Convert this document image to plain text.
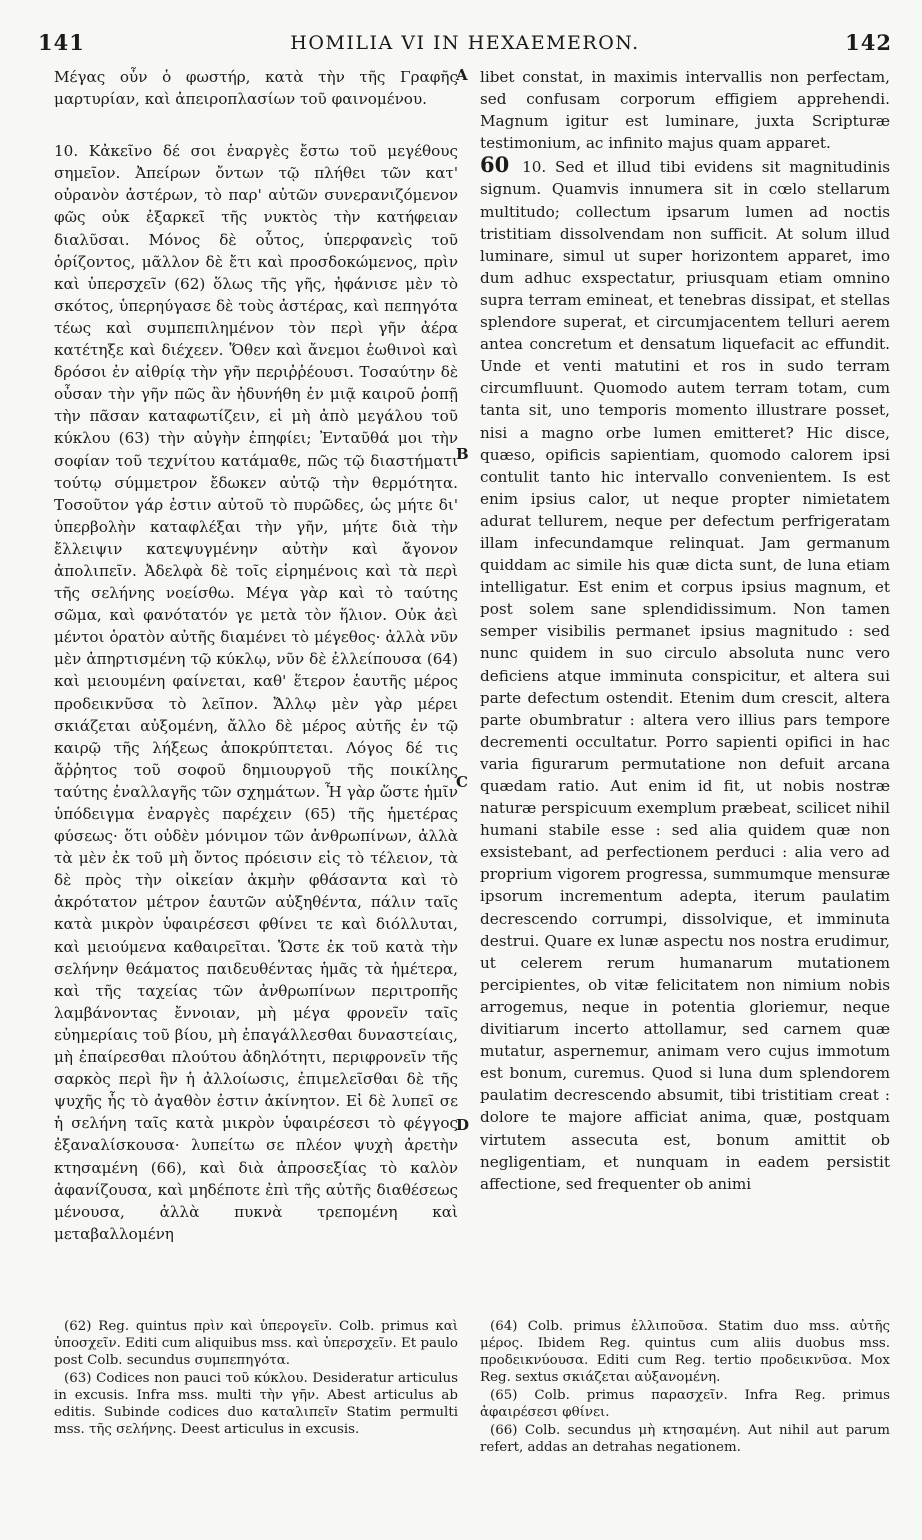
141	HOMILIA VI IN HEXAEMERON.	142

Μέγας οὖν ὁ φωστήρ, κατὰ τὴν τῆς Γραφῆς μαρτυρίαν, καὶ ἀπειροπλασίων τοῦ φαινομένου.

10. Κἀκεῖνο δέ σοι ἐναργὲς ἔστω τοῦ μεγέθους σημεῖον. Ἀπείρων ὄντων τῷ πλήθει τῶν κατ' οὐρανὸν ἀστέρων, τὸ παρ' αὐτῶν συνερανιζόμενον φῶς οὐκ ἐξαρκεῖ τῆς νυκτὸς τὴν κατήφειαν διαλῦσαι. Μόνος δὲ οὗτος, ὑπερφανεὶς τοῦ ὁρίζοντος, μᾶλλον δὲ ἔτι καὶ προσδοκώμενος, πρὶν καὶ ὑπερσχεῖν (62) ὅλως τῆς γῆς, ἠφάνισε μὲν τὸ σκότος, ὑπερηύγασε δὲ τοὺς ἀστέρας, καὶ πεπηγότα τέως καὶ συμπεπιλημένον τὸν περὶ γῆν ἀέρα κατέτηξε καὶ διέχεεν. Ὅθεν καὶ ἄνεμοι ἑωθινοὶ καὶ δρόσοι ἐν αἰθρίᾳ τὴν γῆν περιῤῥέουσι. Τοσαύτην δὲ οὖσαν τὴν γῆν πῶς ἂν ἠδυνήθη ἐν μιᾷ καιροῦ ῥοπῇ τὴν πᾶσαν καταφωτίζειν, εἰ μὴ ἀπὸ μεγάλου τοῦ κύκλου (63) τὴν αὐγὴν ἐπηφίει; Ἐνταῦθά μοι τὴν σοφίαν τοῦ τεχνίτου κατάμαθε, πῶς τῷ διαστήματι τούτῳ σύμμετρον ἔδωκεν αὐτῷ τὴν θερμότητα. Τοσοῦτον γάρ ἐστιν αὐτοῦ τὸ πυρῶδες, ὡς μήτε δι' ὑπερβολὴν καταφλέξαι τὴν γῆν, μήτε διὰ τὴν ἔλλειψιν κατεψυγμένην αὐτὴν καὶ ἄγονον ἀπολιπεῖν. Ἀδελφὰ δὲ τοῖς εἰρημένοις καὶ τὰ περὶ τῆς σελήνης νοείσθω. Μέγα γὰρ καὶ τὸ ταύτης σῶμα, καὶ φανότατόν γε μετὰ τὸν ἥλιον. Οὐκ ἀεὶ μέντοι ὁρατὸν αὐτῆς διαμένει τὸ μέγεθος· ἀλλὰ νῦν μὲν ἀπηρτισμένη τῷ κύκλῳ, νῦν δὲ ἐλλείπουσα (64) καὶ μειουμένη φαίνεται, καθ' ἕτερον ἑαυτῆς μέρος προδεικνῦσα τὸ λεῖπον. Ἄλλῳ μὲν γὰρ μέρει σκιάζεται αὐξομένη, ἄλλο δὲ μέρος αὐτῆς ἐν τῷ καιρῷ τῆς λήξεως ἀποκρύπτεται. Λόγος δέ τις ἄῤῥητος τοῦ σοφοῦ δημιουργοῦ τῆς ποικίλης ταύτης ἐναλλαγῆς τῶν σχημάτων. Ἦ γὰρ ὥστε ἡμῖν ὑπόδειγμα ἐναργὲς παρέχειν (65) τῆς ἡμετέρας φύσεως· ὅτι οὐδὲν μόνιμον τῶν ἀνθρωπίνων, ἀλλὰ τὰ μὲν ἐκ τοῦ μὴ ὄντος πρόεισιν εἰς τὸ τέλειον, τὰ δὲ πρὸς τὴν οἰκείαν ἀκμὴν φθάσαντα καὶ τὸ ἀκρότατον μέτρον ἑαυτῶν αὐξηθέντα, πάλιν ταῖς κατὰ μικρὸν ὑφαιρέσεσι φθίνει τε καὶ διόλλυται, καὶ μειούμενα καθαιρεῖται. Ὥστε ἐκ τοῦ κατὰ τὴν σελήνην θεάματος παιδευθέντας ἡμᾶς τὰ ἡμέτερα, καὶ τῆς ταχείας τῶν ἀνθρωπίνων περιτροπῆς λαμβάνοντας ἔννοιαν, μὴ μέγα φρονεῖν ταῖς εὐημερίαις τοῦ βίου, μὴ ἐπαγάλλεσθαι δυναστείαις, μὴ ἐπαίρεσθαι πλούτου ἀδηλότητι, περιφρονεῖν τῆς σαρκὸς περὶ ἣν ἡ ἀλλοίωσις, ἐπιμελεῖσθαι δὲ τῆς ψυχῆς ἧς τὸ ἀγαθὸν ἐστιν ἀκίνητον. Εἰ δὲ λυπεῖ σε ἡ σελήνη ταῖς κατὰ μικρὸν ὑφαιρέσεσι τὸ φέγγος ἐξαναλίσκουσα· λυπείτω σε πλέον ψυχὴ ἀρετὴν κτησαμένη (66), καὶ διὰ ἀπροσεξίας τὸ καλὸν ἀφανίζουσα, καὶ μηδέποτε ἐπὶ τῆς αὐτῆς διαθέσεως μένουσα, ἀλλὰ πυκνὰ τρεπομένη καὶ μεταβαλλομένη

libet constat, in maximis intervallis non perfectam, sed confusam corporum effigiem apprehendi. Magnum igitur est luminare, juxta Scripturæ testimonium, ac infinito majus quam apparet.

60 10. Sed et illud tibi evidens sit magnitudinis signum. Quamvis innumera sit in cœlo stellarum multitudo; collectum ipsarum lumen ad noctis tristitiam dissolvendam non sufficit. At solum illud luminare, simul ut super horizontem apparet, imo dum adhuc exspectatur, priusquam etiam omnino supra terram emineat, et tenebras dissipat, et stellas splendore superat, et circumjacentem telluri aerem antea concretum et densatum liquefacit ac effundit. Unde et venti matutini et ros in sudo terram circumfluunt. Quomodo autem terram totam, cum tanta sit, uno temporis momento illustrare posset, nisi a magno orbe lumen emitteret? Hic disce, quæso, opificis sapientiam, quomodo calorem ipsi contulit tanto hic intervallo convenientem. Is est enim ipsius calor, ut neque propter nimietatem adurat tellurem, neque per defectum perfrigeratam illam infecundamque relinquat. Jam germanum quiddam ac simile his quæ dicta sunt, de luna etiam intelligatur. Est enim et corpus ipsius magnum, et post solem sane splendidissimum. Non tamen semper visibilis permanet ipsius magnitudo : sed nunc quidem in suo circulo absoluta nunc vero deficiens atque imminuta conspicitur, et altera sui parte defectum ostendit. Etenim dum crescit, altera parte obumbratur : altera vero illius pars tempore decrementi occultatur. Porro sapienti opifici in hac varia figurarum permutatione non defuit arcana quædam ratio. Aut enim id fit, ut nobis nostræ naturæ perspicuum exemplum præbeat, scilicet nihil humani stabile esse : sed alia quidem quæ non exsistebant, ad perfectionem perduci : alia vero ad proprium vigorem progressa, summumque mensuræ ipsorum incrementum adepta, iterum paulatim decrescendo corrumpi, dissolvique, et imminuta destrui. Quare ex lunæ aspectu nos nostra erudimur, ut celerem rerum humanarum mutationem percipientes, ob vitæ felicitatem non nimium nobis arrogemus, neque in potentia gloriemur, neque divitiarum incerto attollamur, sed carnem quæ mutatur, aspernemur, animam vero cujus immotum est bonum, curemus. Quod si luna dum splendorem paulatim decrescendo absumit, tibi tristitiam creat : dolore te majore afficiat anima, quæ, postquam virtutem assecuta est, bonum amittit ob negligentiam, et nunquam in eadem persistit affectione, sed frequenter ob animi

A
B
C
D

(62) Reg. quintus πρὶν καὶ ὑπερογεῖν. Colb. primus καὶ ὑποσχεῖν. Editi cum aliquibus mss. καὶ ὑπερσχεῖν. Et paulo post Colb. secundus συμπεπηγότα.

(63) Codices non pauci τοῦ κύκλου. Desideratur articulus in excusis. Infra mss. multi τὴν γῆν. Abest articulus ab editis. Subinde codices duo καταλιπεῖν Statim permulti mss. τῆς σελήνης. Deest articulus in excusis.

(64) Colb. primus ἐλλιποῦσα. Statim duo mss. αὐτῆς μέρος. Ibidem Reg. quintus cum aliis duobus mss. προδεικνύουσα. Editi cum Reg. tertio προδεικνῦσα. Mox Reg. sextus σκιάζεται αὐξανομένη.

(65) Colb. primus παρασχεῖν. Infra Reg. primus ἀφαιρέσεσι φθίνει.

(66) Colb. secundus μὴ κτησαμένη. Aut nihil aut parum refert, addas an detrahas negationem.
